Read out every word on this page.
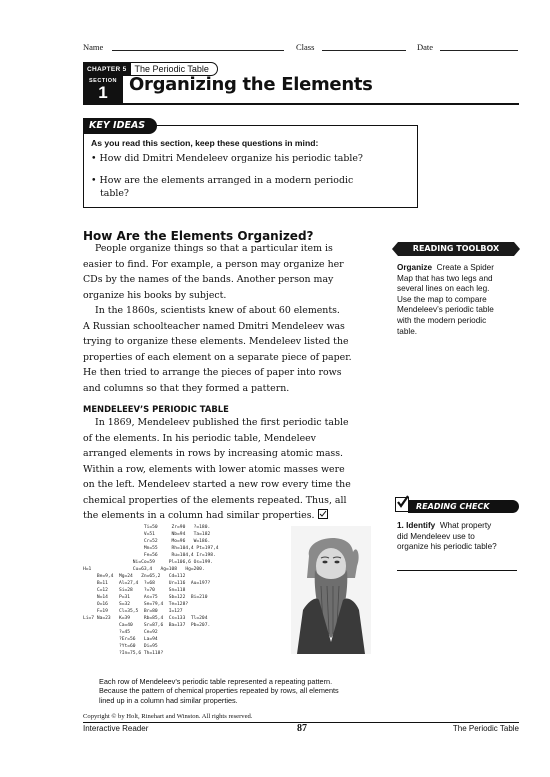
Name	Class	Date
CHAPTER 5 The Periodic Table
SECTION
1	Organizing the Elements
KEY IDEAS
As you read this section, keep these questions in mind:
• How did Dmitri Mendeleev organize his periodic table?
• How are the elements arranged in a modern periodic
table?
How Are the Elements Organized?

People organize things so that a particular item is

easier to find. For example, a person may organize her

CDs by the names of the bands. Another person may

organize his books by subject.

In the 1860s, scientists knew of about 60 elements.

A Russian schoolteacher named Dmitri Mendeleev was

trying to organize these elements. Mendeleev listed the

properties of each element on a separate piece of paper.

He then tried to arrange the pieces of paper into rows

and columns so that they formed a pattern.

MENDELEEV’S PERIODIC TABLE

In 1869, Mendeleev published the first periodic table

of the elements. In his periodic table, Mendeleev

arranged elements in rows by increasing atomic mass.

Within a row, elements with lower atomic masses were

on the left. Mendeleev started a new row every time the

chemical properties of the elements repeated. Thus, all

the elements in a column had similar properties.

READING TOOLBOX
Organize Create a Spider
Map that has two legs and
several lines on each leg.
Use the map to compare
Mendeleev’s periodic table
with the modern periodic
table.
READING CHECK
1. Identify What property
did Mendeleev use to
organize his periodic table?
Ti=50     Zr=90   ?=180.
V=51      Nb=94   Ta=182
Cr=52     Mo=96   W=186.
Mn=55     Rh=104,4 Pt=197,4
Fe=56     Ru=104,4 Ir=198.
Ni=Co=59     Pl=106,6 Os=199.
H=1               Cu=63,4   Ag=108   Hg=200.
Be=9,4  Mg=24   Zn=65,2   Cd=112
B=11    Al=27,4  ?=68     Ur=116  Au=197?
C=12    Si=28    ?=70     Sn=118
N=14    P=31     As=75    Sb=122  Bi=210
O=16    S=32     Se=79,4  Te=128?
F=19    Cl=35,5  Br=80    I=127
Li=7 Na=23   K=39     Rb=85,4  Cs=133  Tl=204
Ca=40    Sr=87,6  Ba=137  Pb=207.
?=45     Ce=92
?Er=56   La=94
?Yt=60   Di=95
?In=75,6 Th=118?
Each row of Mendeleev’s periodic table represented a repeating pattern.
Because the pattern of chemical properties repeated by rows, all elements
lined up in a column had similar properties.
Copyright © by Holt, Rinehart and Winston. All rights reserved.
Interactive Reader	87	The Periodic Table
